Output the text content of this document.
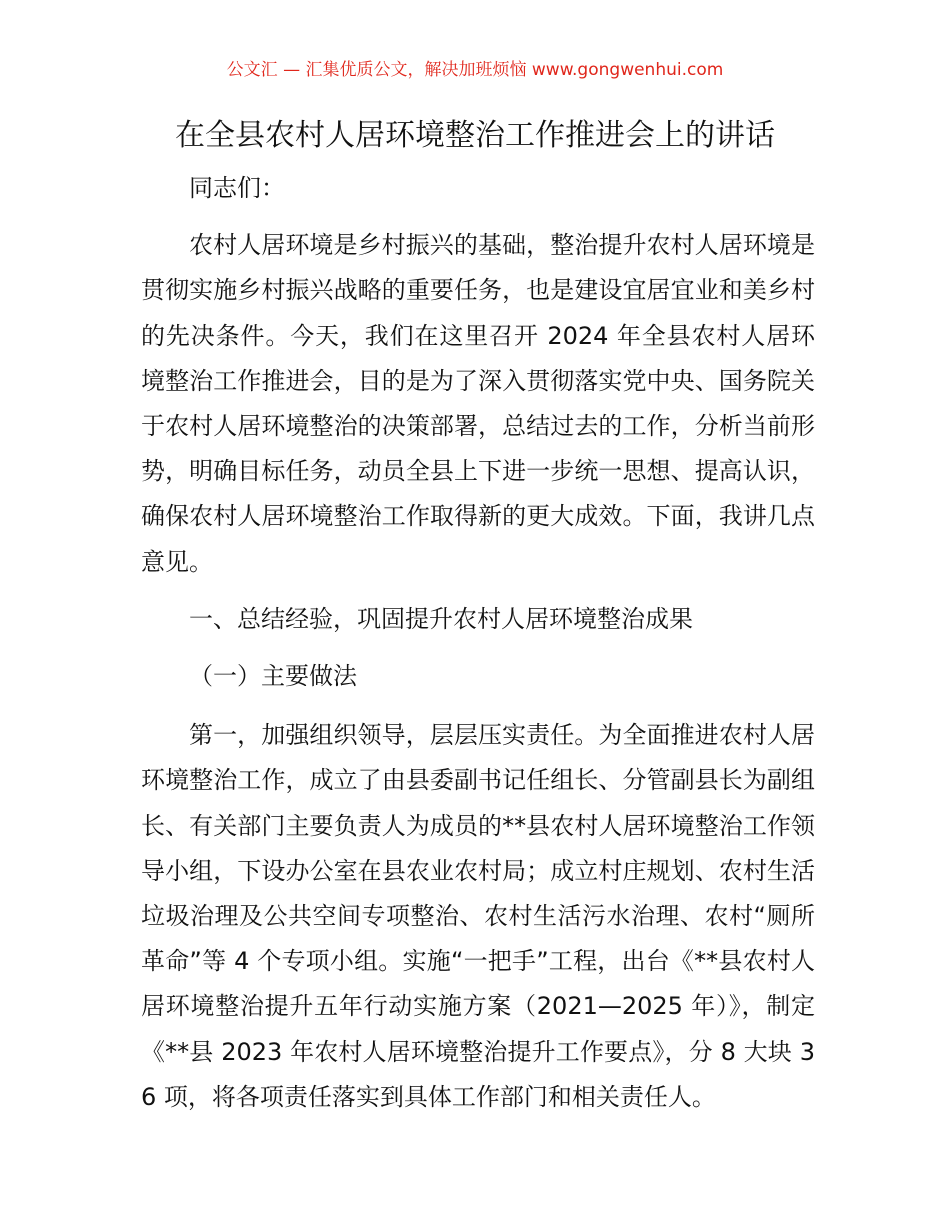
公文汇 — 汇集优质公文，解决加班烦恼 www.gongwenhui.com
在全县农村人居环境整治工作推进会上的讲话

同志们：

农村人居环境是乡村振兴的基础，整治提升农村人居环境是贯彻实施乡村振兴战略的重要任务，也是建设宜居宜业和美乡村的先决条件。今天，我们在这里召开 2024 年全县农村人居环境整治工作推进会，目的是为了深入贯彻落实党中央、国务院关于农村人居环境整治的决策部署，总结过去的工作，分析当前形势，明确目标任务，动员全县上下进一步统一思想、提高认识，确保农村人居环境整治工作取得新的更大成效。下面，我讲几点意见。

一、总结经验，巩固提升农村人居环境整治成果

（一）主要做法

第一，加强组织领导，层层压实责任。为全面推进农村人居环境整治工作，成立了由县委副书记任组长、分管副县长为副组长、有关部门主要负责人为成员的**县农村人居环境整治工作领导小组，下设办公室在县农业农村局；成立村庄规划、农村生活垃圾治理及公共空间专项整治、农村生活污水治理、农村“厕所革命”等 4 个专项小组。实施“一把手”工程，出台《**县农村人居环境整治提升五年行动实施方案（2021—2025 年）》，制定《**县 2023 年农村人居环境整治提升工作要点》，分 8 大块 36 项，将各项责任落实到具体工作部门和相关责任人。
